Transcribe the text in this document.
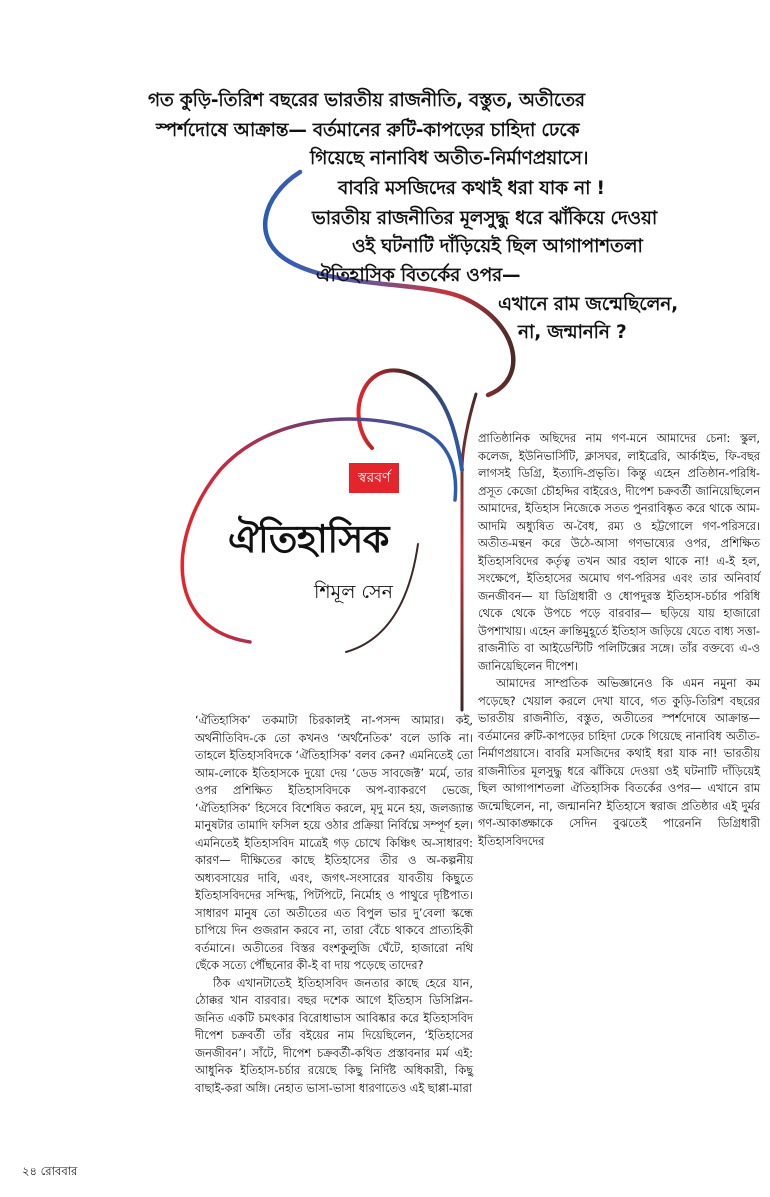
গত কুড়ি-তিরিশ বছরের ভারতীয় রাজনীতি, বস্তুত, অতীতের
স্পর্শদোষে আক্রান্ত— বর্তমানের রুটি-কাপড়ের চাহিদা ঢেকে
গিয়েছে নানাবিধ অতীত-নির্মাণপ্রয়াসে।
বাবরি মসজিদের কথাই ধরা যাক না !
ভারতীয় রাজনীতির মূলসুদ্ধু ধরে ঝাঁকিয়ে দেওয়া
ওই ঘটনাটি দাঁড়িয়েই ছিল আগাপাশতলা
ঐতিহাসিক বিতর্কের ওপর—
এখানে রাম জন্মেছিলেন,
না, জন্মাননি ?
স্বরবর্ণ
ঐতিহাসিক
শিমূল সেন

প্রাতিষ্ঠানিক অছিদের নাম গণ-মনে আমাদের চেনা: স্কুল, কলেজ, ইউনিভার্সিটি, ক্লাসঘর, লাইব্রেরি, আর্কাইভ, ফি-বছর লাগসই ডিগ্রি, ইত্যাদি-প্রভৃতি। কিন্তু এহেন প্রতিষ্ঠান-পরিধি-প্রসূত কেজো চৌহদ্দির বাইরেও, দীপেশ চক্রবর্তী জানিয়েছিলেন আমাদের, ইতিহাস নিজেকে সতত পুনরাবিষ্কৃত করে থাকে আম-আদমি অধ্যুষিত অ-বৈধ, রম্য ও হট্টগোলে গণ-পরিসরে। অতীত-মন্থন করে উঠে-আসা গণভাষ্যের ওপর, প্রশিক্ষিত ইতিহাসবিদের কর্তৃত্ব তখন আর বহাল থাকে না! এ-ই হল, সংক্ষেপে, ইতিহাসের অমোঘ গণ-পরিসর এবং তার অনিবার্য জনজীবন— যা ডিগ্রিধারী ও ধোপদুরস্ত ইতিহাস-চর্চার পরিধি থেকে থেকে উপচে পড়ে বারবার— ছড়িয়ে যায় হাজারো উপশাখায়। এহেন ক্রান্তিমুহূর্তে ইতিহাস জড়িয়ে যেতে বাধ্য সত্তা-রাজনীতি বা আইডেন্টিটি পলিটিক্সের সঙ্গে। তাঁর বক্তব্যে এ-ও জানিয়েছিলেন দীপেশ।

আমাদের সাম্প্রতিক অভিজ্ঞানেও কি এমন নমুনা কম পড়েছে? খেয়াল করলে দেখা যাবে, গত কুড়ি-তিরিশ বছরের ভারতীয় রাজনীতি, বস্তুত, অতীতের স্পর্শদোষে আক্রান্ত— বর্তমানের রুটি-কাপড়ের চাহিদা ঢেকে গিয়েছে নানাবিধ অতীত-নির্মাণপ্রয়াসে। বাবরি মসজিদের কথাই ধরা যাক না! ভারতীয় রাজনীতির মূলসুদ্ধু ধরে ঝাঁকিয়ে দেওয়া ওই ঘটনাটি দাঁড়িয়েই ছিল আগাপাশতলা ঐতিহাসিক বিতর্কের ওপর— এখানে রাম জন্মেছিলেন, না, জন্মাননি? ইতিহাসে স্বরাজ প্রতিষ্ঠার এই দুর্মর গণ-আকাঙ্ক্ষাকে সেদিন বুঝতেই পারেননি ডিগ্রিধারী ইতিহাসবিদদের

‘ঐতিহাসিক’ তকমাটা চিরকালই না-পসন্দ আমার। কই, অর্থনীতিবিদ-কে তো কখনও ‘অর্থনৈতিক’ বলে ডাকি না। তাহলে ইতিহাসবিদকে ‘ঐতিহাসিক’ বলব কেন? এমনিতেই তো আম-লোকে ইতিহাসকে দুয়ো দেয় ‘ডেড সাবজেক্ট’ মর্মে, তার ওপর প্রশিক্ষিত ইতিহাসবিদকে অপ-ব্যাকরণে ভেজে, ‘ঐতিহাসিক’ হিসেবে বিশেষিত করলে, মৃদু মনে হয়, জলজ্যান্ত মানুষটার তামাদি ফসিল হয়ে ওঠার প্রক্রিয়া নির্বিঘ্নে সম্পূর্ণ হল। এমনিতেই ইতিহাসবিদ মাত্রেই গড় চোখে কিঞ্চিৎ অ-সাধারণ: কারণ— দীক্ষিতের কাছে ইতিহাসের তীর ও অ-কল্পনীয় অধ্যবসায়ের দাবি, এবং, জগৎ-সংসারের যাবতীয় কিছুতে ইতিহাসবিদদের সন্দিগ্ধ, পিটপিটে, নির্মোহ ও পাথুরে দৃষ্টিপাত। সাধারণ মানুষ তো অতীতের এত বিপুল ভার দু’বেলা স্কন্ধে চাপিয়ে দিন গুজরান করবে না, তারা বেঁচে থাকবে প্রাত্যহিকী বর্তমানে। অতীতের বিস্তর বংশকুলুজি ঘেঁটে, হাজারো নথি ছেঁকে সত্যে পৌঁছনোর কী-ই বা দায় পড়েছে তাদের?

ঠিক এখানটাতেই ইতিহাসবিদ জনতার কাছে হেরে যান, ঠোক্কর খান বারবার। বছর দশেক আগে ইতিহাস ডিসিপ্লিন-জনিত একটি চমৎকার বিরোধাভাস আবিষ্কার করে ইতিহাসবিদ দীপেশ চক্রবর্তী তাঁর বইয়ের নাম দিয়েছিলেন, ‘ইতিহাসের জনজীবন’। সাঁটে, দীপেশ চক্রবর্তী-কথিত প্রস্তাবনার মর্ম এই: আধুনিক ইতিহাস-চর্চার রয়েছে কিছু নির্দিষ্ট অধিকারী, কিছু বাছাই-করা অঙ্গি। নেহাত ভাসা-ভাসা ধারণাতেও এই ছাপ্পা-মারা

২৪ রোববার
